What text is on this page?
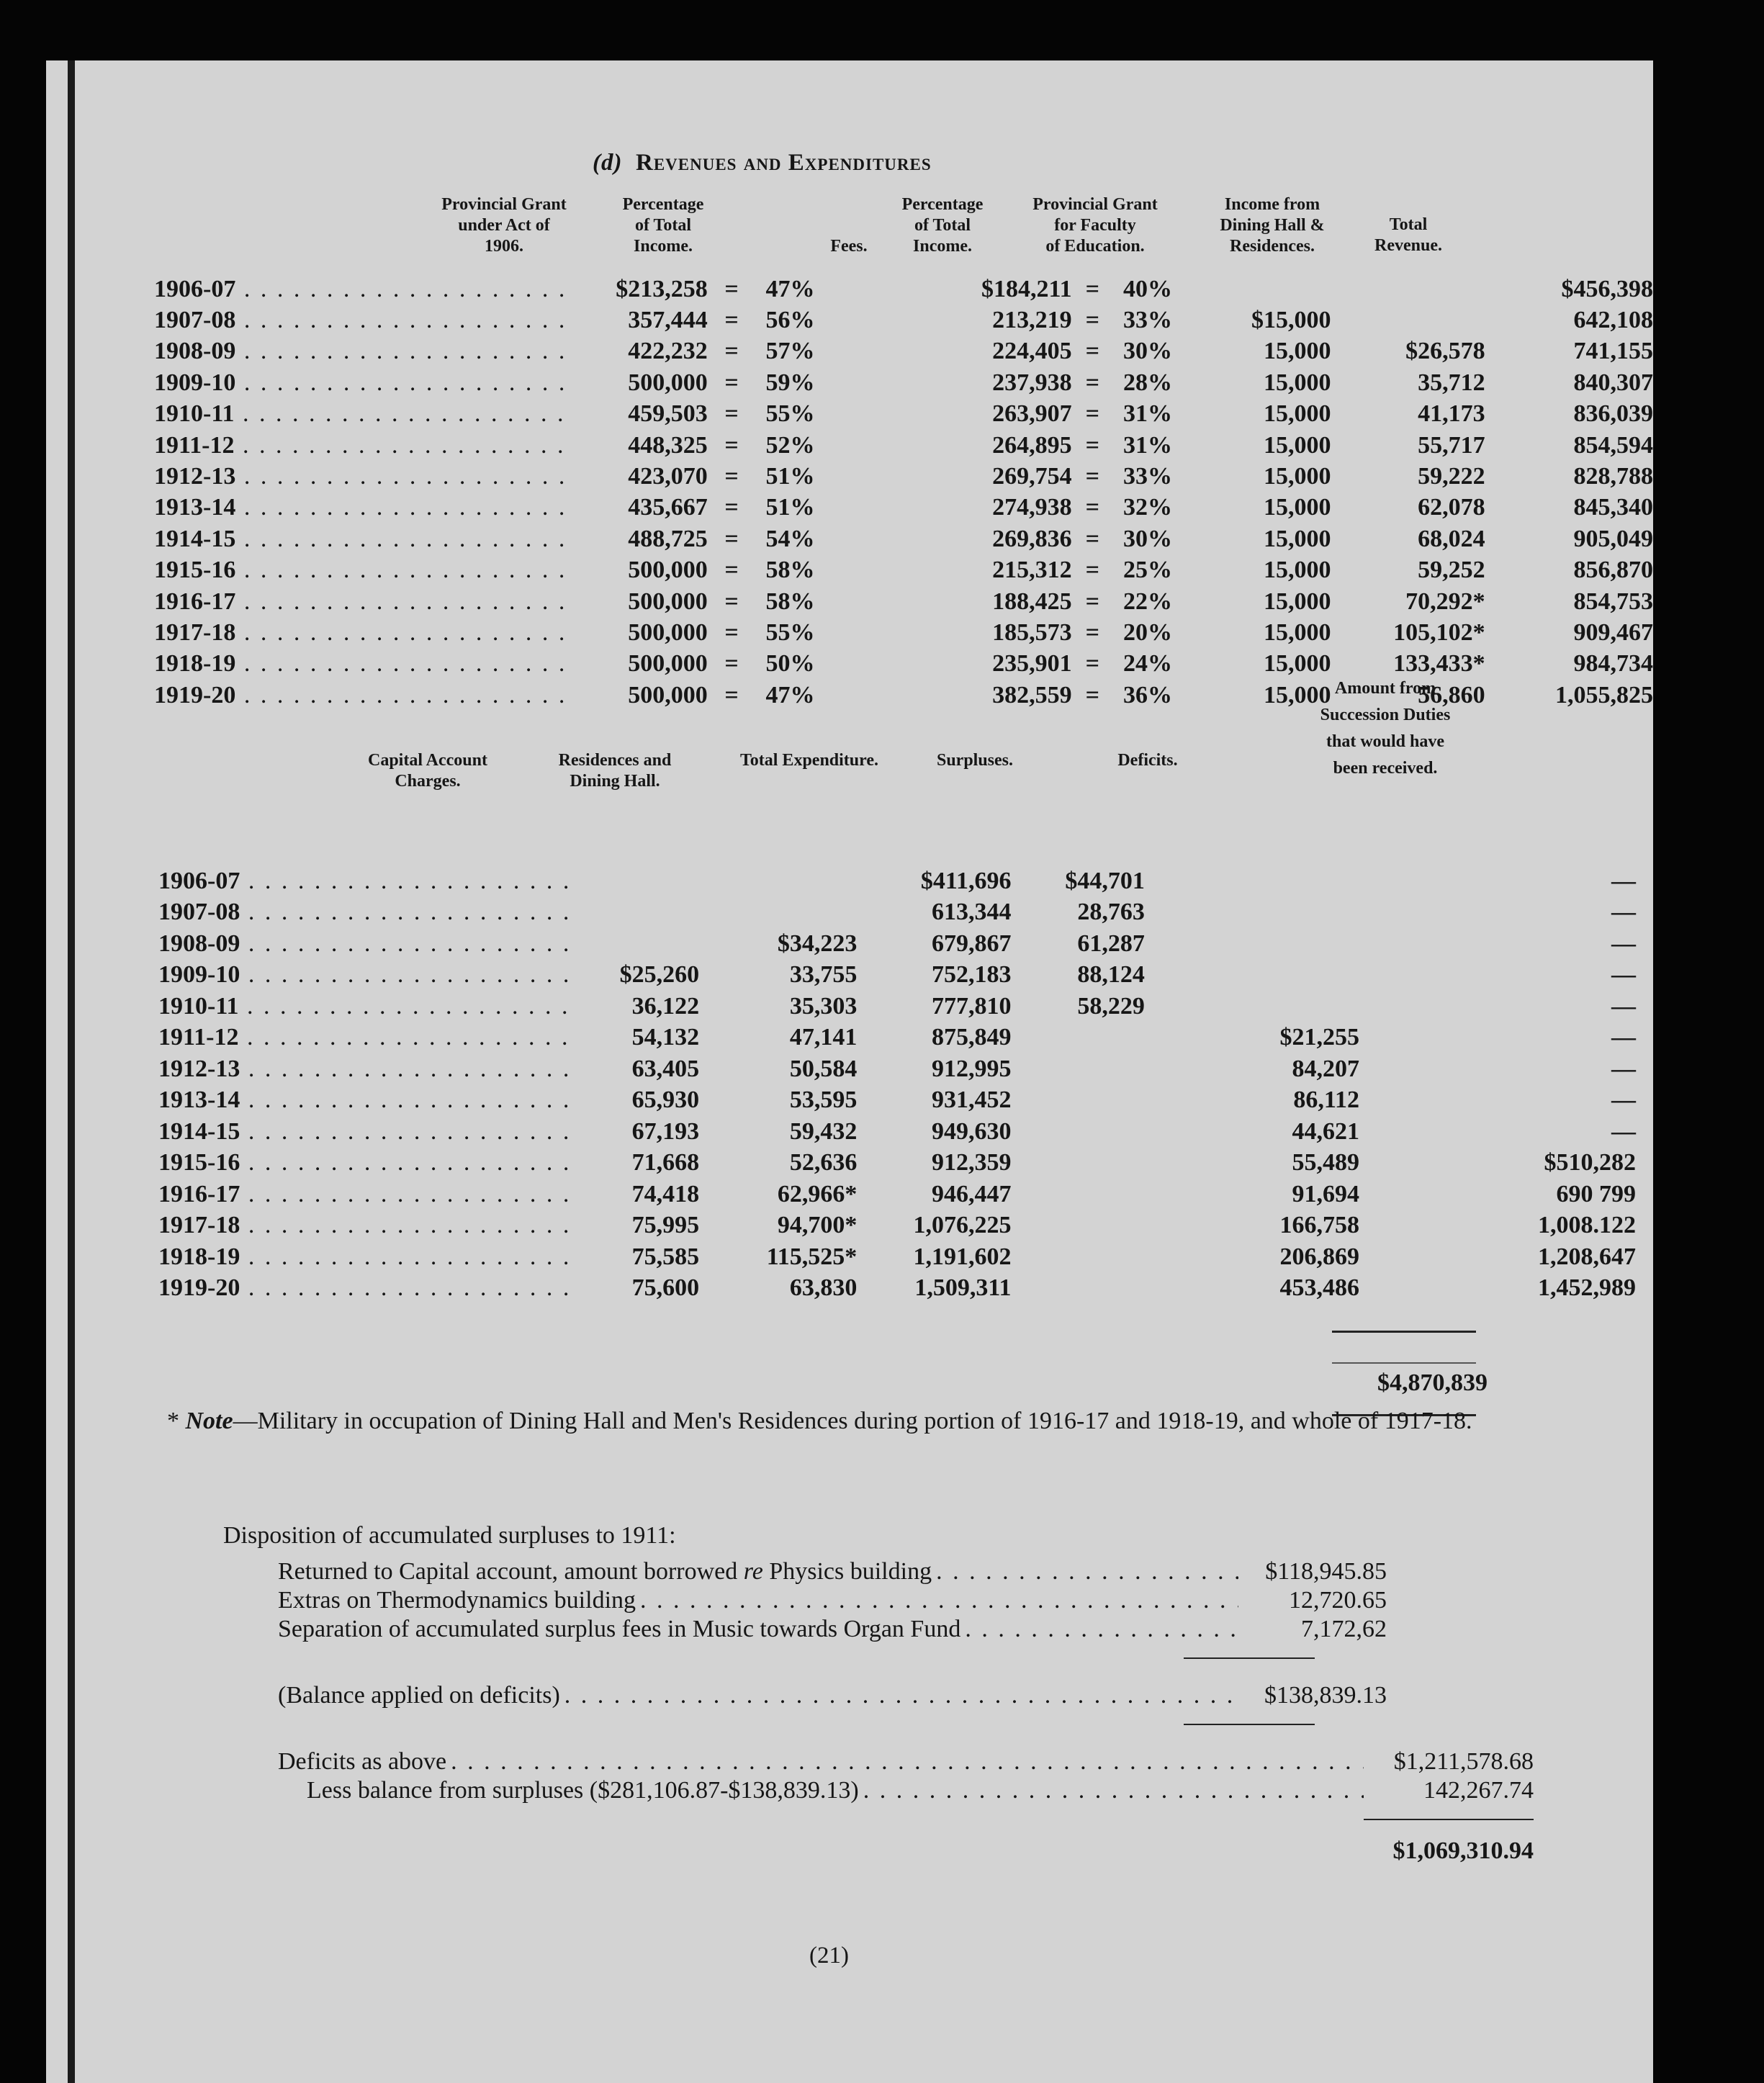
(d) Revenues and Expenditures
Provincial Grant
under Act of
1906.
Percentage
of Total
Income.	Fees.
Percentage
of Total
Income.
Provincial Grant
for Faculty
of Education.
Income from
Dining Hall &
Residences.
Total
Revenue.
1906-07 . . . . . . . . . . . . . . . . . . . .	$213,258	=	47%	$184,211	=	40%			$456,398
1907-08 . . . . . . . . . . . . . . . . . . . .	357,444	=	56%	213,219	=	33%	$15,000		642,108
1908-09 . . . . . . . . . . . . . . . . . . . .	422,232	=	57%	224,405	=	30%	15,000	$26,578	741,155
1909-10 . . . . . . . . . . . . . . . . . . . .	500,000	=	59%	237,938	=	28%	15,000	35,712	840,307
1910-11 . . . . . . . . . . . . . . . . . . . .	459,503	=	55%	263,907	=	31%	15,000	41,173	836,039
1911-12 . . . . . . . . . . . . . . . . . . . .	448,325	=	52%	264,895	=	31%	15,000	55,717	854,594
1912-13 . . . . . . . . . . . . . . . . . . . .	423,070	=	51%	269,754	=	33%	15,000	59,222	828,788
1913-14 . . . . . . . . . . . . . . . . . . . .	435,667	=	51%	274,938	=	32%	15,000	62,078	845,340
1914-15 . . . . . . . . . . . . . . . . . . . .	488,725	=	54%	269,836	=	30%	15,000	68,024	905,049
1915-16 . . . . . . . . . . . . . . . . . . . .	500,000	=	58%	215,312	=	25%	15,000	59,252	856,870
1916-17 . . . . . . . . . . . . . . . . . . . .	500,000	=	58%	188,425	=	22%	15,000	70,292*	854,753
1917-18 . . . . . . . . . . . . . . . . . . . .	500,000	=	55%	185,573	=	20%	15,000	105,102*	909,467
1918-19 . . . . . . . . . . . . . . . . . . . .	500,000	=	50%	235,901	=	24%	15,000	133,433*	984,734
1919-20 . . . . . . . . . . . . . . . . . . . .	500,000	=	47%	382,559	=	36%	15,000	56,860	1,055,825
Capital Account
Charges.
Residences and
Dining Hall.
Total Expenditure.	Surpluses.	Deficits.
Amount from
Succession Duties
that would have
been received.
1906-07 . . . . . . . . . . . . . . . . . . . .			$411,696	$44,701		—
1907-08 . . . . . . . . . . . . . . . . . . . .			613,344	28,763		—
1908-09 . . . . . . . . . . . . . . . . . . . .		$34,223	679,867	61,287		—
1909-10 . . . . . . . . . . . . . . . . . . . .	$25,260	33,755	752,183	88,124		—
1910-11 . . . . . . . . . . . . . . . . . . . .	36,122	35,303	777,810	58,229		—
1911-12 . . . . . . . . . . . . . . . . . . . .	54,132	47,141	875,849		$21,255	—
1912-13 . . . . . . . . . . . . . . . . . . . .	63,405	50,584	912,995		84,207	—
1913-14 . . . . . . . . . . . . . . . . . . . .	65,930	53,595	931,452		86,112	—
1914-15 . . . . . . . . . . . . . . . . . . . .	67,193	59,432	949,630		44,621	—
1915-16 . . . . . . . . . . . . . . . . . . . .	71,668	52,636	912,359		55,489	$510,282
1916-17 . . . . . . . . . . . . . . . . . . . .	74,418	62,966*	946,447		91,694	690 799
1917-18 . . . . . . . . . . . . . . . . . . . .	75,995	94,700*	1,076,225		166,758	1,008.122
1918-19 . . . . . . . . . . . . . . . . . . . .	75,585	115,525*	1,191,602		206,869	1,208,647
1919-20 . . . . . . . . . . . . . . . . . . . .	75,600	63,830	1,509,311		453,486	1,452,989
$4,870,839
* Note—Military in occupation of Dining Hall and Men's Residences during portion of 1916-17 and 1918-19, and whole of 1917-18.
Disposition of accumulated surpluses to 1911:
Returned to Capital account, amount borrowed re Physics building . . .	$118,945.85
Extras on Thermodynamics building . . .	12,720.65
Separation of accumulated surplus fees in Music towards Organ Fund . . .	7,172,62
(Balance applied on deficits) . . .	$138,839.13
Deficits as above . . .	$1,211,578.68
Less balance from surpluses ($281,106.87-$138,839.13) . . .	142,267.74
$1,069,310.94
(21)
